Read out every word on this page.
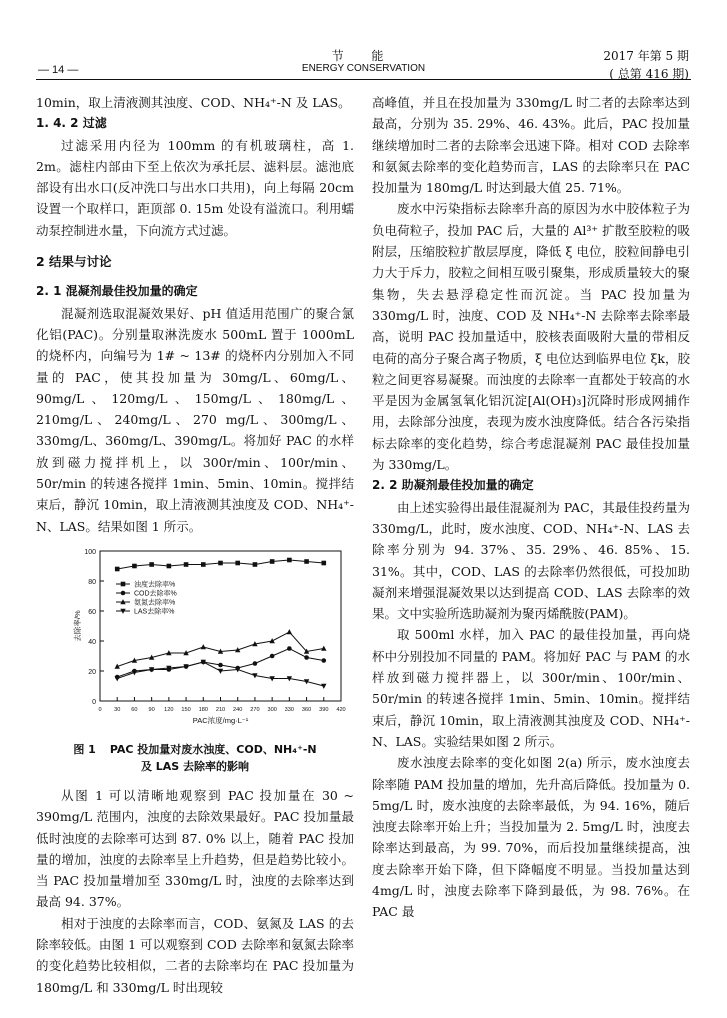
节 能
ENERGY CONSERVATION
— 14 —
2017 年第 5 期
( 总第 416 期)

10min，取上清液测其浊度、COD、NH₄⁺-N 及 LAS。

1. 4. 2 过滤

过滤采用内径为 100mm 的有机玻璃柱，高 1. 2m。滤柱内部由下至上依次为承托层、滤料层。滤池底部设有出水口(反冲洗口与出水口共用)，向上每隔 20cm 设置一个取样口，距顶部 0. 15m 处设有溢流口。利用蠕动泵控制进水量，下向流方式过滤。

2 结果与讨论
2. 1 混凝剂最佳投加量的确定

混凝剂选取混凝效果好、pH 值适用范围广的聚合氯化铝(PAC)。分别量取淋洗废水 500mL 置于 1000mL 的烧杯内，向编号为 1# ~ 13# 的烧杯内分别加入不同量的 PAC，使其投加量为 30mg/L、60mg/L、90mg/L、120mg/L、150mg/L、180mg/L、210mg/L、240mg/L、270 mg/L、300mg/L、330mg/L、360mg/L、390mg/L。将加好 PAC 的水样放到磁力搅拌机上，以 300r/min、100r/min、50r/min 的转速各搅拌 1min、5min、10min。搅拌结束后，静沉 10min，取上清液测其浊度及 COD、NH₄⁺-N、LAS。结果如图 1 所示。

0
20
40
60
80
100
0 30 60 90 120 150 180 210 240 270 300 330 360 390 420
PAC浓度/mg·L⁻¹
去除率/%
浊度去除率%
COD去除率%
氨氮去除率%
LAS去除率%
图 1 PAC 投加量对废水浊度、COD、NH₄⁺-N
及 LAS 去除率的影响

从图 1 可以清晰地观察到 PAC 投加量在 30 ~ 390mg/L 范围内，浊度的去除效果最好。PAC 投加量最低时浊度的去除率可达到 87. 0% 以上，随着 PAC 投加量的增加，浊度的去除率呈上升趋势，但是趋势比较小。当 PAC 投加量增加至 330mg/L 时，浊度的去除率达到最高 94. 37%。

相对于浊度的去除率而言，COD、氨氮及 LAS 的去除率较低。由图 1 可以观察到 COD 去除率和氨氮去除率的变化趋势比较相似，二者的去除率均在 PAC 投加量为 180mg/L 和 330mg/L 时出现较

高峰值，并且在投加量为 330mg/L 时二者的去除率达到最高，分别为 35. 29%、46. 43%。此后，PAC 投加量继续增加时二者的去除率会迅速下降。相对 COD 去除率和氨氮去除率的变化趋势而言，LAS 的去除率只在 PAC 投加量为 180mg/L 时达到最大值 25. 71%。

废水中污染指标去除率升高的原因为水中胶体粒子为负电荷粒子，投加 PAC 后，大量的 Al³⁺ 扩散至胶粒的吸附层，压缩胶粒扩散层厚度，降低 ξ 电位，胶粒间静电引力大于斥力，胶粒之间相互吸引聚集，形成质量较大的聚集物，失去悬浮稳定性而沉淀。当 PAC 投加量为 330mg/L 时，浊度、COD 及 NH₄⁺-N 去除率去除率最高，说明 PAC 投加量适中，胶核表面吸附大量的带相反电荷的高分子聚合离子物质，ξ 电位达到临界电位 ξk，胶粒之间更容易凝聚。而浊度的去除率一直都处于较高的水平是因为金属氢氧化铝沉淀[Al(OH)₃]沉降时形成网捕作用，去除部分浊度，表现为废水浊度降低。结合各污染指标去除率的变化趋势，综合考虑混凝剂 PAC 最佳投加量为 330mg/L。

2. 2 助凝剂最佳投加量的确定

由上述实验得出最佳混凝剂为 PAC，其最佳投药量为 330mg/L，此时，废水浊度、COD、NH₄⁺-N、LAS 去除率分别为 94. 37%、35. 29%、46. 85%、15. 31%。其中，COD、LAS 的去除率仍然很低，可投加助凝剂来增强混凝效果以达到提高 COD、LAS 去除率的效果。文中实验所选助凝剂为聚丙烯酰胺(PAM)。

取 500ml 水样，加入 PAC 的最佳投加量，再向烧杯中分别投加不同量的 PAM。将加好 PAC 与 PAM 的水样放到磁力搅拌器上，以 300r/min、100r/min、50r/min 的转速各搅拌 1min、5min、10min。搅拌结束后，静沉 10min，取上清液测其浊度及 COD、NH₄⁺-N、LAS。实验结果如图 2 所示。

废水浊度去除率的变化如图 2(a) 所示，废水浊度去除率随 PAM 投加量的增加，先升高后降低。投加量为 0. 5mg/L 时，废水浊度的去除率最低，为 94. 16%，随后浊度去除率开始上升；当投加量为 2. 5mg/L 时，浊度去除率达到最高，为 99. 70%，而后投加量继续提高，浊度去除率开始下降，但下降幅度不明显。当投加量达到 4mg/L 时，浊度去除率下降到最低，为 98. 76%。在 PAC 最
